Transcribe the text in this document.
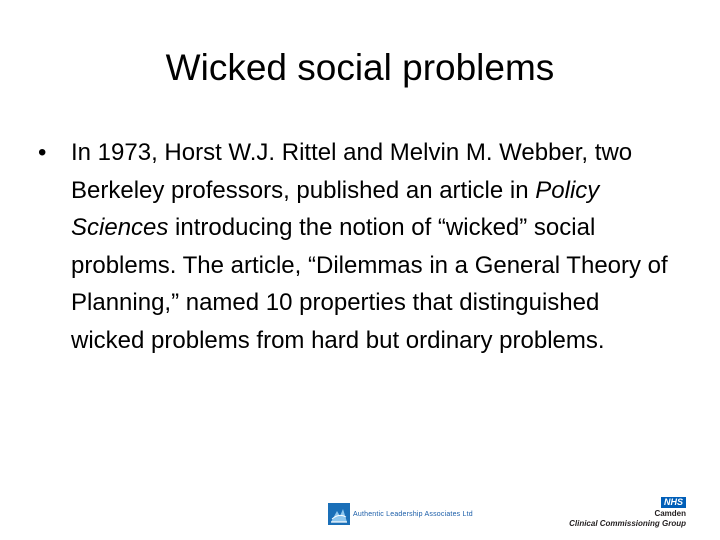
Wicked social problems
• In 1973, Horst W.J. Rittel and Melvin M. Webber, two Berkeley professors, published an article in Policy Sciences introducing the notion of “wicked” social problems. The article, “Dilemmas in a General Theory of Planning,” named 10 properties that distinguished wicked problems from hard but ordinary problems.
Authentic Leadership Associates Ltd
NHS
Camden
Clinical Commissioning Group
